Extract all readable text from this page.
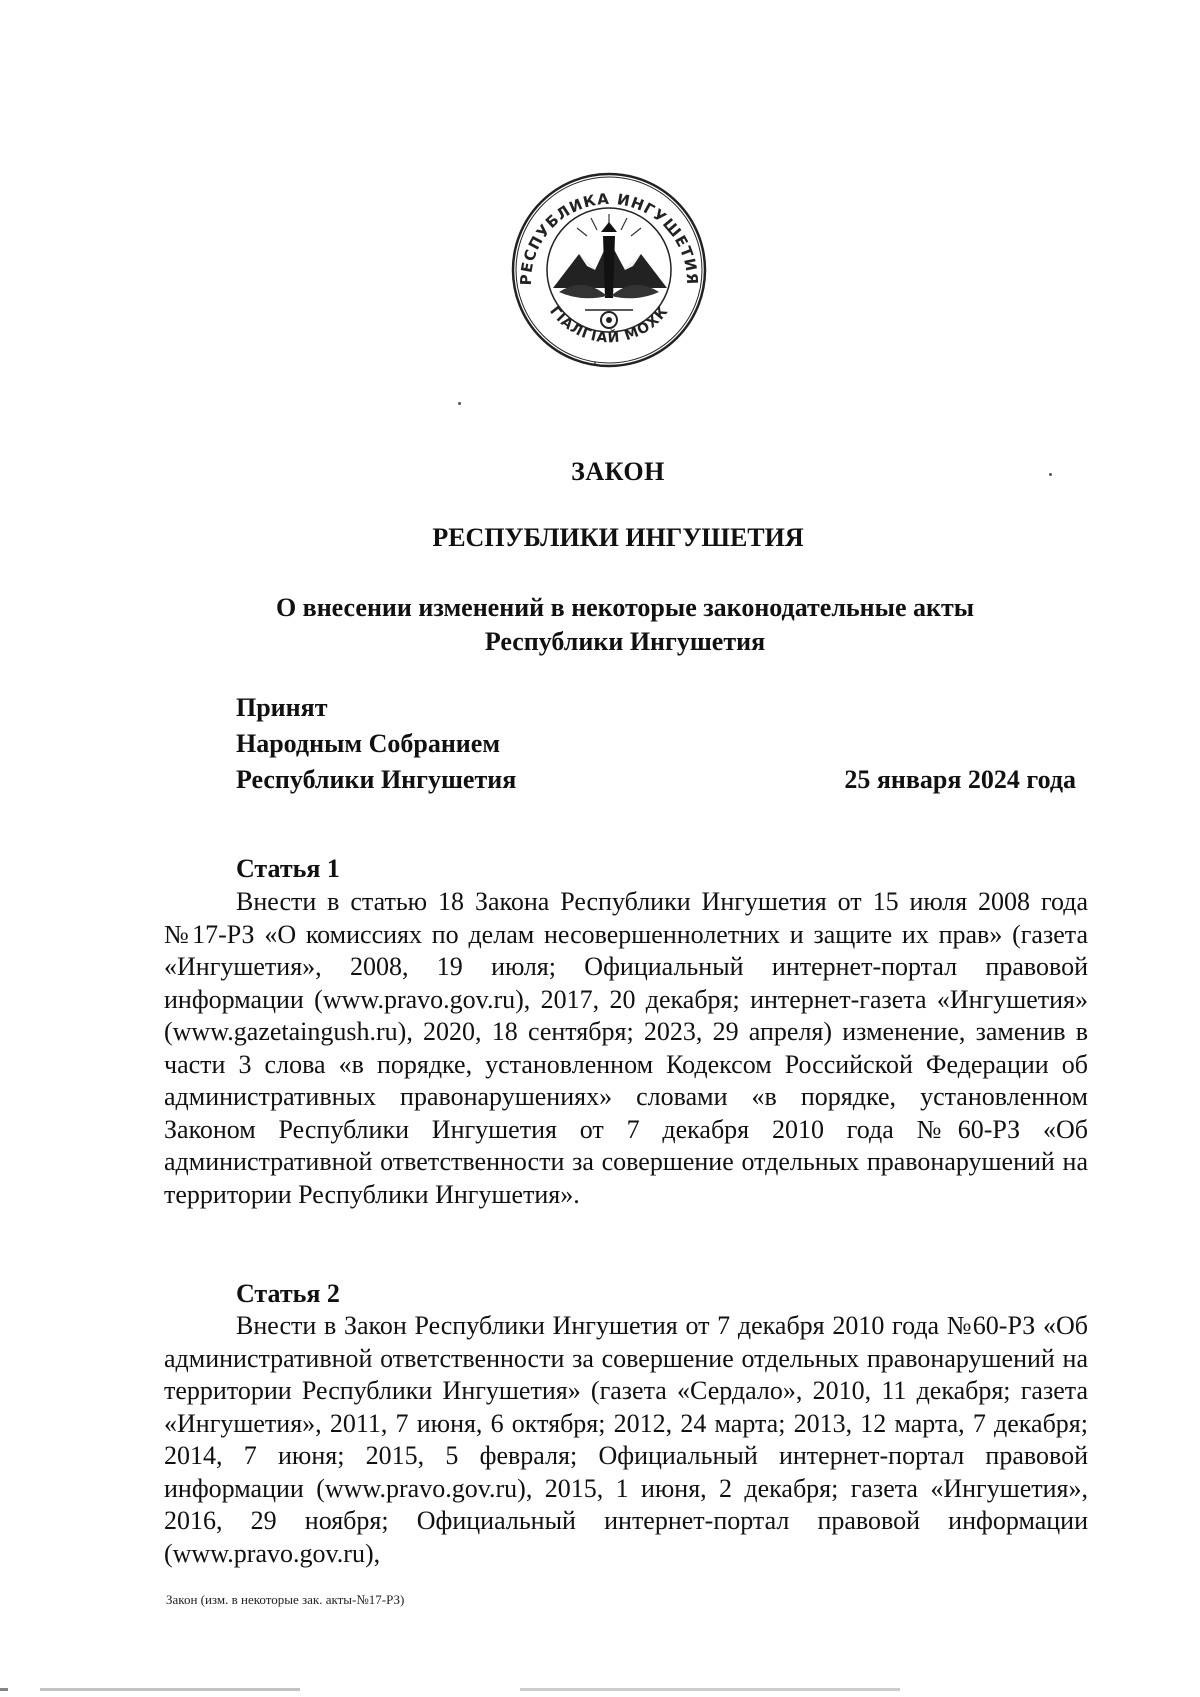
РЕСПУБЛИКА ИНГУШЕТИЯ
ГIАЛГIАЙ МОХК
ЗАКОН
РЕСПУБЛИКИ ИНГУШЕТИЯ
О внесении изменений в некоторые законодательные акты Республики Ингушетия
Принят
Народным Собранием
Республики Ингушетия	25 января 2024 года
Статья 1
Внести в статью 18 Закона Республики Ингушетия от 15 июля 2008 года №17-РЗ «О комиссиях по делам несовершеннолетних и защите их прав» (газета «Ингушетия», 2008, 19 июля; Официальный интернет-портал правовой информации (www.pravo.gov.ru), 2017, 20 декабря; интернет-газета «Ингушетия» (www.gazetaingush.ru), 2020, 18 сентября; 2023, 29 апреля) изменение, заменив в части 3 слова «в порядке, установленном Кодексом Российской Федерации об административных правонарушениях» словами «в порядке, установленном Законом Республики Ингушетия от 7 декабря 2010 года №60-РЗ «Об административной ответственности за совершение отдельных правонарушений на территории Республики Ингушетия».
Статья 2
Внести в Закон Республики Ингушетия от 7 декабря 2010 года №60-РЗ «Об административной ответственности за совершение отдельных правонарушений на территории Республики Ингушетия» (газета «Сердало», 2010, 11 декабря; газета «Ингушетия», 2011, 7 июня, 6 октября; 2012, 24 марта; 2013, 12 марта, 7 декабря; 2014, 7 июня; 2015, 5 февраля; Официальный интернет-портал правовой информации (www.pravo.gov.ru), 2015, 1 июня, 2 декабря; газета «Ингушетия», 2016, 29 ноября; Официальный интернет-портал правовой информации (www.pravo.gov.ru),
Закон (изм. в некоторые зак. акты-№17-РЗ)
